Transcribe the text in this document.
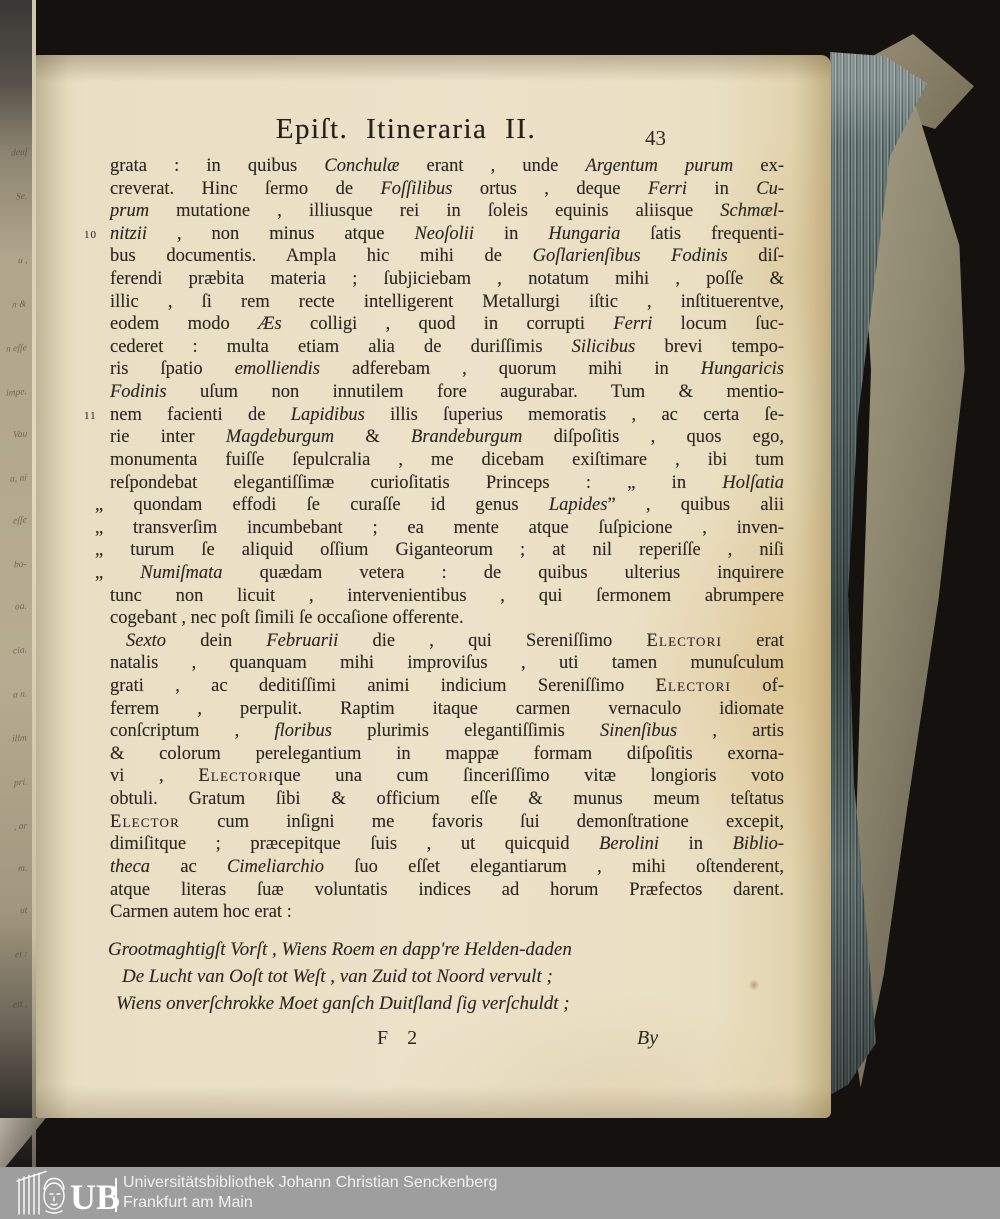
deuſ
Se.
u ,
n &
n eſſe
impe.
Vau
a, ni
eſſe
bo-
oa.
cia.
a n.
illm
pri.
, ar
m.
ut
et :
ett ,
Epiſt. Itineraria II.	43
grata : in quibus Conchulæ erant , unde Argentum purum ex-
creverat. Hinc ſermo de Foſſilibus ortus , deque Ferri in Cu-
prum mutatione , illiusque rei in ſoleis equinis aliisque Schmæl-
nitzii , non minus atque Neoſolii in Hungaria ſatis frequenti-
10
bus documentis. Ampla hic mihi de Goſlarienſibus Fodinis diſ-
ferendi præbita materia ; ſubjiciebam , notatum mihi , poſſe &
illic , ſi rem recte intelligerent Metallurgi iſtic , inſtituerentve,
eodem modo Æs colligi , quod in corrupti Ferri locum ſuc-
cederet : multa etiam alia de duriſſimis Silicibus brevi tempo-
ris ſpatio emolliendis adferebam , quorum mihi in Hungaricis
Fodinis uſum non innutilem fore augurabar. Tum & mentio-
nem facienti de Lapidibus illis ſuperius memoratis , ac certa ſe-
11
rie inter Magdeburgum & Brandeburgum diſpoſitis , quos ego,
monumenta fuiſſe ſepulcralia , me dicebam exiſtimare , ibi tum
reſpondebat elegantiſſimæ curioſitatis Princeps : „ in Holſatia
„ quondam effodi ſe curaſſe id genus Lapides” , quibus alii
„ transverſim incumbebant ; ea mente atque ſuſpicione , inven-
„ turum ſe aliquid oſſium Giganteorum ; at nil reperiſſe , niſi
„ Numiſmata quædam vetera : de quibus ulterius inquirere
tunc non licuit , intervenientibus , qui ſermonem abrumpere
cogebant , nec poſt ſimili ſe occaſione offerente.
Sexto dein Februarii die , qui Sereniſſimo Electori erat
natalis , quanquam mihi improviſus , uti tamen munuſculum
grati , ac deditiſſimi animi indicium Sereniſſimo Electori of-
ferrem , perpulit. Raptim itaque carmen vernaculo idiomate
conſcriptum , floribus plurimis elegantiſſimis Sinenſibus , artis
& colorum perelegantium in mappæ formam diſpoſitis exorna-
vi , Electorique una cum ſinceriſſimo vitæ longioris voto
obtuli. Gratum ſibi & officium eſſe & munus meum teſtatus
Elector cum inſigni me favoris ſui demonſtratione excepit,
dimiſitque ; præcepitque ſuis , ut quicquid Berolini in Biblio-
theca ac Cimeliarchio ſuo eſſet elegantiarum , mihi oſtenderent,
atque literas ſuæ voluntatis indices ad horum Præfectos darent.
Carmen autem hoc erat :
Grootmaghtigſt Vorſt , Wiens Roem en dapp're Helden-daden
De Lucht van Ooſt tot Weſt , van Zuid tot Noord vervult ;
Wiens onverſchrokke Moet ganſch Duitſland ſig verſchuldt ;
F 2	By
UB Universitätsbibliothek Johann Christian Senckenberg
Frankfurt am Main
